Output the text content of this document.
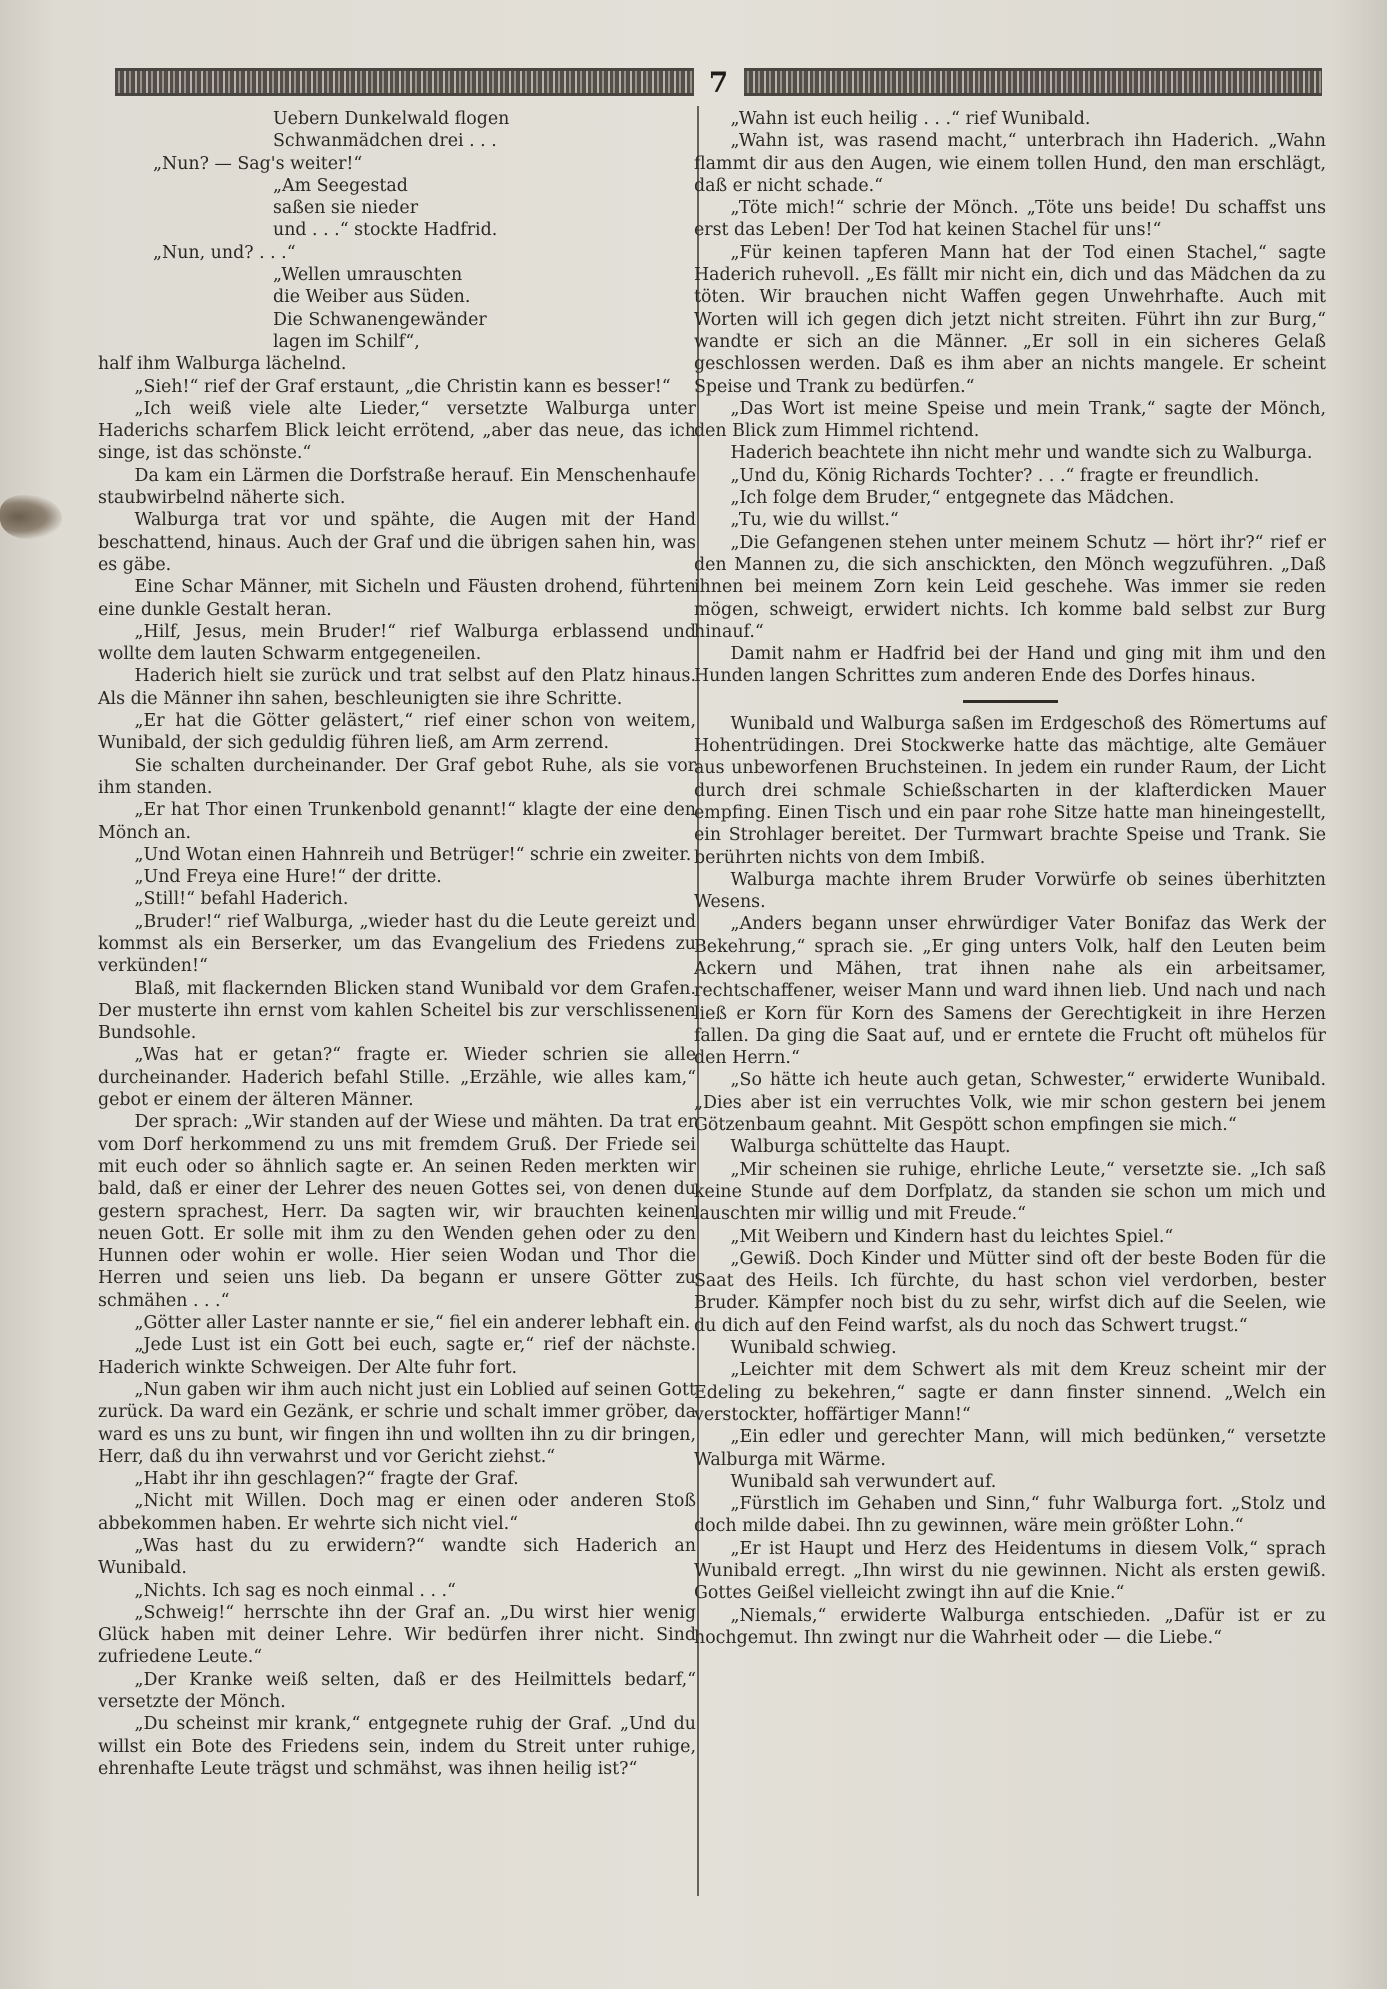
7

Uebern Dunkelwald flogen

Schwanmädchen drei . . .

„Nun? — Sag's weiter!“

„Am Seegestad

saßen sie nieder

und . . .“ stockte Hadfrid.

„Nun, und? . . .“

„Wellen umrauschten

die Weiber aus Süden.

Die Schwanengewänder

lagen im Schilf“,

half ihm Walburga lächelnd.

„Sieh!“ rief der Graf erstaunt, „die Christin kann es besser!“

„Ich weiß viele alte Lieder,“ versetzte Walburga unter Haderichs scharfem Blick leicht errötend, „aber das neue, das ich singe, ist das schönste.“

Da kam ein Lärmen die Dorfstraße herauf. Ein Menschenhaufe staubwirbelnd näherte sich.

Walburga trat vor und spähte, die Augen mit der Hand beschattend, hinaus. Auch der Graf und die übrigen sahen hin, was es gäbe.

Eine Schar Männer, mit Sicheln und Fäusten drohend, führten eine dunkle Gestalt heran.

„Hilf, Jesus, mein Bruder!“ rief Walburga erblassend und wollte dem lauten Schwarm entgegeneilen.

Haderich hielt sie zurück und trat selbst auf den Platz hinaus. Als die Männer ihn sahen, beschleunigten sie ihre Schritte.

„Er hat die Götter gelästert,“ rief einer schon von weitem, Wunibald, der sich geduldig führen ließ, am Arm zerrend.

Sie schalten durcheinander. Der Graf gebot Ruhe, als sie vor ihm standen.

„Er hat Thor einen Trunkenbold genannt!“ klagte der eine den Mönch an.

„Und Wotan einen Hahnreih und Betrüger!“ schrie ein zweiter.

„Und Freya eine Hure!“ der dritte.

„Still!“ befahl Haderich.

„Bruder!“ rief Walburga, „wieder hast du die Leute gereizt und kommst als ein Berserker, um das Evangelium des Friedens zu verkünden!“

Blaß, mit flackernden Blicken stand Wunibald vor dem Grafen. Der musterte ihn ernst vom kahlen Scheitel bis zur verschlissenen Bundsohle.

„Was hat er getan?“ fragte er. Wieder schrien sie alle durcheinander. Haderich befahl Stille. „Erzähle, wie alles kam,“ gebot er einem der älteren Männer.

Der sprach: „Wir standen auf der Wiese und mähten. Da trat er vom Dorf herkommend zu uns mit fremdem Gruß. Der Friede sei mit euch oder so ähnlich sagte er. An seinen Reden merkten wir bald, daß er einer der Lehrer des neuen Gottes sei, von denen du gestern sprachest, Herr. Da sagten wir, wir brauchten keinen neuen Gott. Er solle mit ihm zu den Wenden gehen oder zu den Hunnen oder wohin er wolle. Hier seien Wodan und Thor die Herren und seien uns lieb. Da begann er unsere Götter zu schmähen . . .“

„Götter aller Laster nannte er sie,“ fiel ein anderer lebhaft ein.

„Jede Lust ist ein Gott bei euch, sagte er,“ rief der nächste. Haderich winkte Schweigen. Der Alte fuhr fort.

„Nun gaben wir ihm auch nicht just ein Loblied auf seinen Gott zurück. Da ward ein Gezänk, er schrie und schalt immer gröber, da ward es uns zu bunt, wir fingen ihn und wollten ihn zu dir bringen, Herr, daß du ihn verwahrst und vor Gericht ziehst.“

„Habt ihr ihn geschlagen?“ fragte der Graf.

„Nicht mit Willen. Doch mag er einen oder anderen Stoß abbekommen haben. Er wehrte sich nicht viel.“

„Was hast du zu erwidern?“ wandte sich Haderich an Wunibald.

„Nichts. Ich sag es noch einmal . . .“

„Schweig!“ herrschte ihn der Graf an. „Du wirst hier wenig Glück haben mit deiner Lehre. Wir bedürfen ihrer nicht. Sind zufriedene Leute.“

„Der Kranke weiß selten, daß er des Heilmittels bedarf,“ versetzte der Mönch.

„Du scheinst mir krank,“ entgegnete ruhig der Graf. „Und du willst ein Bote des Friedens sein, indem du Streit unter ruhige, ehrenhafte Leute trägst und schmähst, was ihnen heilig ist?“

„Wahn ist euch heilig . . .“ rief Wunibald.

„Wahn ist, was rasend macht,“ unterbrach ihn Haderich. „Wahn flammt dir aus den Augen, wie einem tollen Hund, den man erschlägt, daß er nicht schade.“

„Töte mich!“ schrie der Mönch. „Töte uns beide! Du schaffst uns erst das Leben! Der Tod hat keinen Stachel für uns!“

„Für keinen tapferen Mann hat der Tod einen Stachel,“ sagte Haderich ruhevoll. „Es fällt mir nicht ein, dich und das Mädchen da zu töten. Wir brauchen nicht Waffen gegen Unwehrhafte. Auch mit Worten will ich gegen dich jetzt nicht streiten. Führt ihn zur Burg,“ wandte er sich an die Männer. „Er soll in ein sicheres Gelaß geschlossen werden. Daß es ihm aber an nichts mangele. Er scheint Speise und Trank zu bedürfen.“

„Das Wort ist meine Speise und mein Trank,“ sagte der Mönch, den Blick zum Himmel richtend.

Haderich beachtete ihn nicht mehr und wandte sich zu Walburga.

„Und du, König Richards Tochter? . . .“ fragte er freundlich.

„Ich folge dem Bruder,“ entgegnete das Mädchen.

„Tu, wie du willst.“

„Die Gefangenen stehen unter meinem Schutz — hört ihr?“ rief er den Mannen zu, die sich anschickten, den Mönch wegzuführen. „Daß ihnen bei meinem Zorn kein Leid geschehe. Was immer sie reden mögen, schweigt, erwidert nichts. Ich komme bald selbst zur Burg hinauf.“

Damit nahm er Hadfrid bei der Hand und ging mit ihm und den Hunden langen Schrittes zum anderen Ende des Dorfes hinaus.

Wunibald und Walburga saßen im Erdgeschoß des Römertums auf Hohentrüdingen. Drei Stockwerke hatte das mächtige, alte Gemäuer aus unbeworfenen Bruchsteinen. In jedem ein runder Raum, der Licht durch drei schmale Schießscharten in der klafterdicken Mauer empfing. Einen Tisch und ein paar rohe Sitze hatte man hineingestellt, ein Strohlager bereitet. Der Turmwart brachte Speise und Trank. Sie berührten nichts von dem Imbiß.

Walburga machte ihrem Bruder Vorwürfe ob seines überhitzten Wesens.

„Anders begann unser ehrwürdiger Vater Bonifaz das Werk der Bekehrung,“ sprach sie. „Er ging unters Volk, half den Leuten beim Ackern und Mähen, trat ihnen nahe als ein arbeitsamer, rechtschaffener, weiser Mann und ward ihnen lieb. Und nach und nach ließ er Korn für Korn des Samens der Gerechtigkeit in ihre Herzen fallen. Da ging die Saat auf, und er erntete die Frucht oft mühelos für den Herrn.“

„So hätte ich heute auch getan, Schwester,“ erwiderte Wunibald. „Dies aber ist ein verruchtes Volk, wie mir schon gestern bei jenem Götzenbaum geahnt. Mit Gespött schon empfingen sie mich.“

Walburga schüttelte das Haupt.

„Mir scheinen sie ruhige, ehrliche Leute,“ versetzte sie. „Ich saß keine Stunde auf dem Dorfplatz, da standen sie schon um mich und lauschten mir willig und mit Freude.“

„Mit Weibern und Kindern hast du leichtes Spiel.“

„Gewiß. Doch Kinder und Mütter sind oft der beste Boden für die Saat des Heils. Ich fürchte, du hast schon viel verdorben, bester Bruder. Kämpfer noch bist du zu sehr, wirfst dich auf die Seelen, wie du dich auf den Feind warfst, als du noch das Schwert trugst.“

Wunibald schwieg.

„Leichter mit dem Schwert als mit dem Kreuz scheint mir der Edeling zu bekehren,“ sagte er dann finster sinnend. „Welch ein verstockter, hoffärtiger Mann!“

„Ein edler und gerechter Mann, will mich bedünken,“ versetzte Walburga mit Wärme.

Wunibald sah verwundert auf.

„Fürstlich im Gehaben und Sinn,“ fuhr Walburga fort. „Stolz und doch milde dabei. Ihn zu gewinnen, wäre mein größter Lohn.“

„Er ist Haupt und Herz des Heidentums in diesem Volk,“ sprach Wunibald erregt. „Ihn wirst du nie gewinnen. Nicht als ersten gewiß. Gottes Geißel vielleicht zwingt ihn auf die Knie.“

„Niemals,“ erwiderte Walburga entschieden. „Dafür ist er zu hochgemut. Ihn zwingt nur die Wahrheit oder — die Liebe.“
